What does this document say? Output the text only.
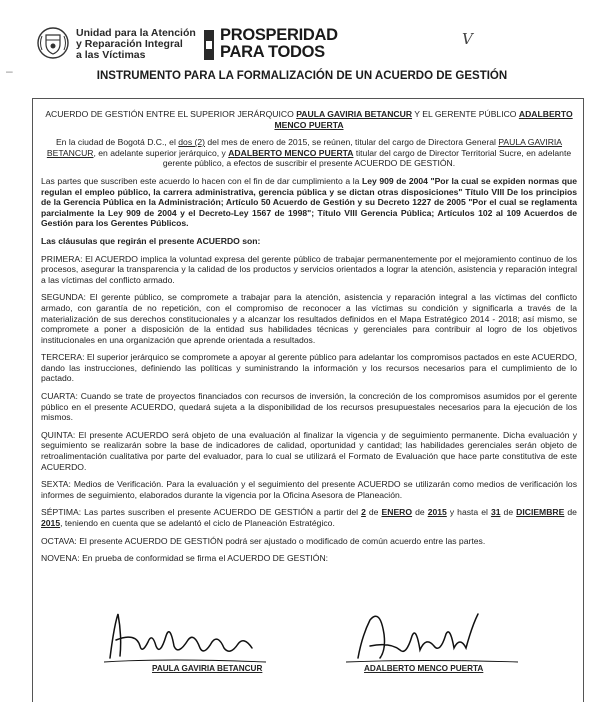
Unidad para la Atención
y Reparación Integral
a las Víctimas
PROSPERIDAD
PARA TODOS
V
–	INSTRUMENTO PARA LA FORMALIZACIÓN DE UN ACUERDO DE GESTIÓN

ACUERDO DE GESTIÓN ENTRE EL SUPERIOR JERÁRQUICO PAULA GAVIRIA BETANCUR Y EL GERENTE PÚBLICO ADALBERTO MENCO PUERTA

En la ciudad de Bogotá D.C., el dos (2) del mes de enero de 2015, se reúnen, titular del cargo de Directora General PAULA GAVIRIA BETANCUR, en adelante superior jerárquico, y ADALBERTO MENCO PUERTA titular del cargo de Director Territorial Sucre, en adelante gerente público, a efectos de suscribir el presente ACUERDO DE GESTIÓN.

Las partes que suscriben este acuerdo lo hacen con el fin de dar cumplimiento a la Ley 909 de 2004 "Por la cual se expiden normas que regulan el empleo público, la carrera administrativa, gerencia pública y se dictan otras disposiciones" Título VIII De los principios de la Gerencia Pública en la Administración; Artículo 50 Acuerdo de Gestión y su Decreto 1227 de 2005 "Por el cual se reglamenta parcialmente la Ley 909 de 2004 y el Decreto-Ley 1567 de 1998"; Título VIII Gerencia Pública; Artículos 102 al 109 Acuerdos de Gestión para los Gerentes Públicos.

Las cláusulas que regirán el presente ACUERDO son:

PRIMERA: El ACUERDO implica la voluntad expresa del gerente público de trabajar permanentemente por el mejoramiento continuo de los procesos, asegurar la transparencia y la calidad de los productos y servicios orientados a lograr la atención, asistencia y reparación integral a las víctimas del conflicto armado.

SEGUNDA: El gerente público, se compromete a trabajar para la atención, asistencia y reparación integral a las víctimas del conflicto armado, con garantía de no repetición, con el compromiso de reconocer a las víctimas su condición y significarla a través de la materialización de sus derechos constitucionales y a alcanzar los resultados definidos en el Mapa Estratégico 2014 - 2018; así mismo, se compromete a poner a disposición de la entidad sus habilidades técnicas y gerenciales para contribuir al logro de los objetivos institucionales en una organización que aprende orientada a resultados.

TERCERA: El superior jerárquico se compromete a apoyar al gerente público para adelantar los compromisos pactados en este ACUERDO, dando las instrucciones, definiendo las políticas y suministrando la información y los recursos necesarios para el cumplimiento de lo pactado.

CUARTA: Cuando se trate de proyectos financiados con recursos de inversión, la concreción de los compromisos asumidos por el gerente público en el presente ACUERDO, quedará sujeta a la disponibilidad de los recursos presupuestales necesarios para la ejecución de los mismos.

QUINTA: El presente ACUERDO será objeto de una evaluación al finalizar la vigencia y de seguimiento permanente. Dicha evaluación y seguimiento se realizarán sobre la base de indicadores de calidad, oportunidad y cantidad; las habilidades gerenciales serán objeto de retroalimentación cualitativa por parte del evaluador, para lo cual se utilizará el Formato de Evaluación que hace parte constitutiva de este ACUERDO.

SEXTA: Medios de Verificación. Para la evaluación y el seguimiento del presente ACUERDO se utilizarán como medios de verificación los informes de seguimiento, elaborados durante la vigencia por la Oficina Asesora de Planeación.

SÉPTIMA: Las partes suscriben el presente ACUERDO DE GESTIÓN a partir del 2 de ENERO de 2015 y hasta el 31 de DICIEMBRE de 2015, teniendo en cuenta que se adelantó el ciclo de Planeación Estratégico.

OCTAVA: El presente ACUERDO DE GESTIÓN podrá ser ajustado o modificado de común acuerdo entre las partes.

NOVENA: En prueba de conformidad se firma el ACUERDO DE GESTIÓN:

PAULA GAVIRIA BETANCUR	ADALBERTO MENCO PUERTA
